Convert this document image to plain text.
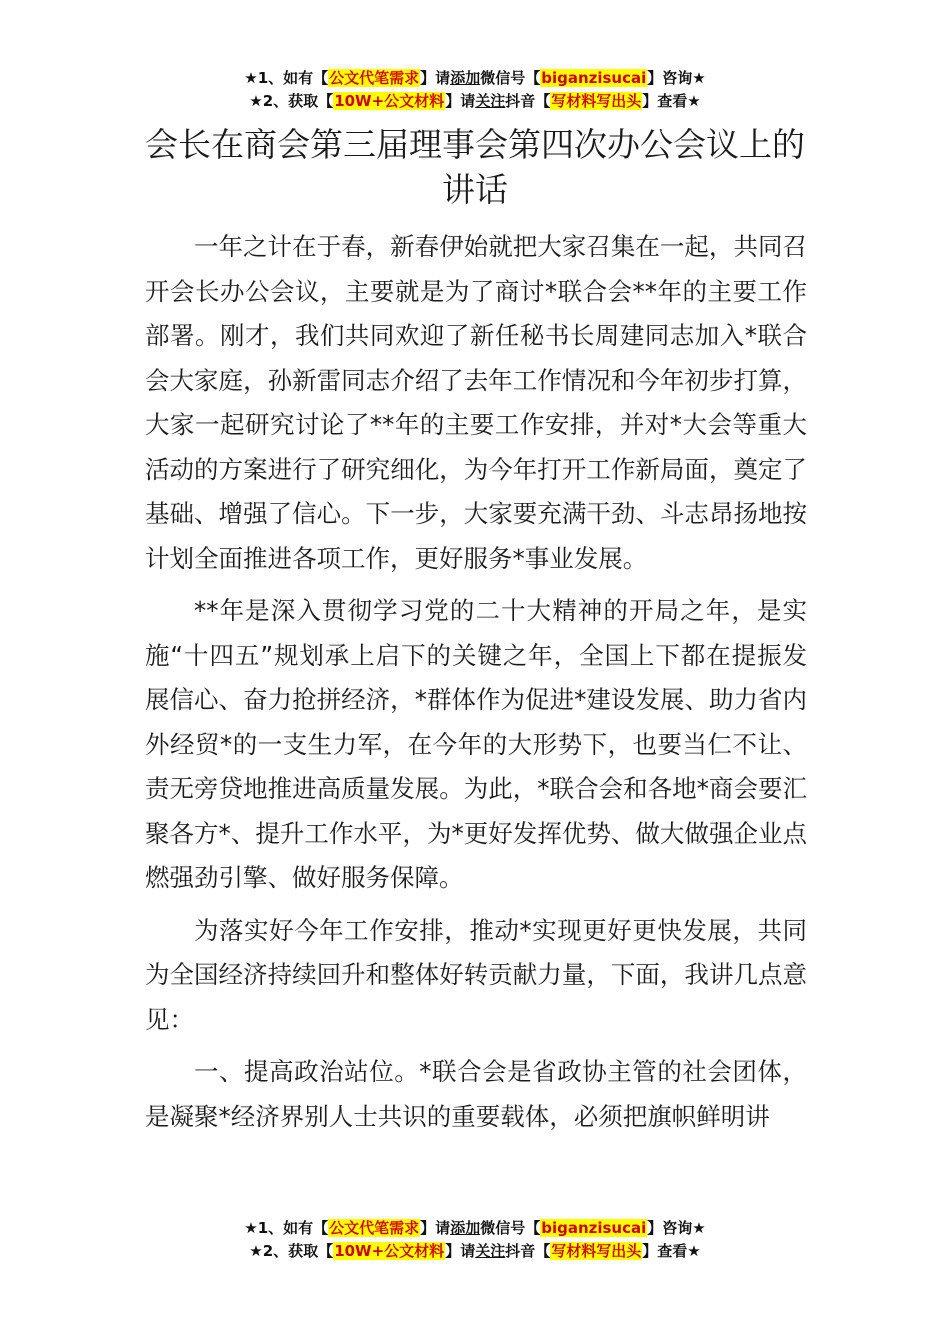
★1、如有【公文代笔需求】请添加微信号【biganzisucai】咨询★
★2、获取【10W+公文材料】请关注抖音【写材料写出头】查看★
会长在商会第三届理事会第四次办公会议上的讲话

一年之计在于春，新春伊始就把大家召集在一起，共同召开会长办公会议，主要就是为了商讨*联合会**年的主要工作部署。刚才，我们共同欢迎了新任秘书长周建同志加入*联合会大家庭，孙新雷同志介绍了去年工作情况和今年初步打算，大家一起研究讨论了**年的主要工作安排，并对*大会等重大活动的方案进行了研究细化，为今年打开工作新局面，奠定了基础、增强了信心。下一步，大家要充满干劲、斗志昂扬地按计划全面推进各项工作，更好服务*事业发展。

**年是深入贯彻学习党的二十大精神的开局之年，是实施“十四五”规划承上启下的关键之年，全国上下都在提振发展信心、奋力抢拼经济，*群体作为促进*建设发展、助力省内外经贸*的一支生力军，在今年的大形势下，也要当仁不让、责无旁贷地推进高质量发展。为此，*联合会和各地*商会要汇聚各方*、提升工作水平，为*更好发挥优势、做大做强企业点燃强劲引擎、做好服务保障。

为落实好今年工作安排，推动*实现更好更快发展，共同为全国经济持续回升和整体好转贡献力量，下面，我讲几点意见：

一、提高政治站位。*联合会是省政协主管的社会团体，是凝聚*经济界别人士共识的重要载体，必须把旗帜鲜明讲

★1、如有【公文代笔需求】请添加微信号【biganzisucai】咨询★
★2、获取【10W+公文材料】请关注抖音【写材料写出头】查看★
